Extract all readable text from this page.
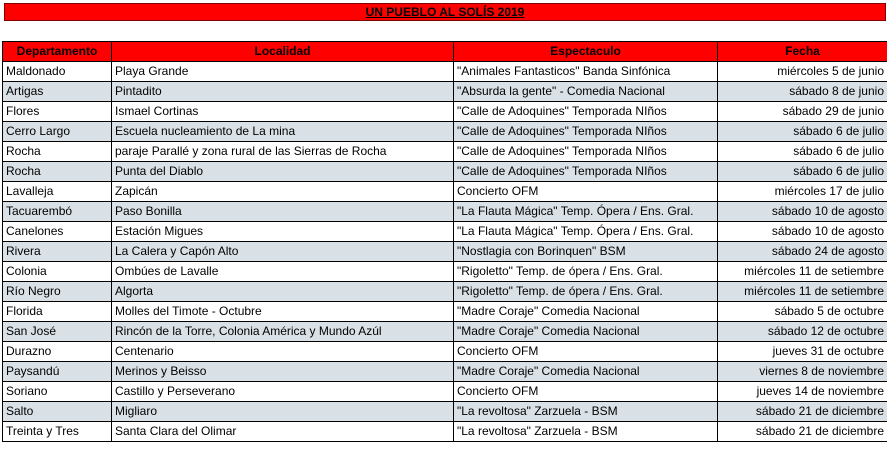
UN PUEBLO AL SOLÍS 2019
Departamento	Localidad	Espectaculo	Fecha
Maldonado	Playa Grande	"Animales Fantasticos" Banda Sinfónica	miércoles 5 de junio
Artigas	Pintadito	"Absurda la gente" - Comedia Nacional	sábado 8 de junio
Flores	Ismael Cortinas	"Calle de Adoquines" Temporada NIños	sábado 29 de junio
Cerro Largo	Escuela nucleamiento de La mina	"Calle de Adoquines" Temporada NIños	sábado 6 de julio
Rocha	paraje Parallé y zona rural de las Sierras de Rocha	"Calle de Adoquines" Temporada NIños	sábado 6 de julio
Rocha	Punta del Diablo	"Calle de Adoquines" Temporada NIños	sábado 6 de julio
Lavalleja	Zapicán	Concierto OFM	miércoles 17 de julio
Tacuarembó	Paso Bonilla	"La Flauta Mágica" Temp. Ópera / Ens. Gral.	sábado 10 de agosto
Canelones	Estación Migues	"La Flauta Mágica" Temp. Ópera / Ens. Gral.	sábado 10 de agosto
Rivera	La Calera y Capón Alto	"Nostlagia con Borinquen" BSM	sábado 24 de agosto
Colonia	Ombúes de Lavalle	"Rigoletto" Temp. de ópera / Ens. Gral.	miércoles 11 de setiembre
Río Negro	Algorta	"Rigoletto" Temp. de ópera / Ens. Gral.	miércoles 11 de setiembre
Florida	Molles del Timote - Octubre	"Madre Coraje" Comedia Nacional	sábado 5 de octubre
San José	Rincón de la Torre, Colonia América y Mundo Azúl	"Madre Coraje" Comedia Nacional	sábado 12 de octubre
Durazno	Centenario	Concierto OFM	jueves 31 de octubre
Paysandú	Merinos y Beisso	"Madre Coraje" Comedia Nacional	viernes 8 de noviembre
Soriano	Castillo y Perseverano	Concierto OFM	jueves 14 de noviembre
Salto	Migliaro	"La revoltosa" Zarzuela - BSM	sábado 21 de diciembre
Treinta y Tres	Santa Clara del Olimar	"La revoltosa" Zarzuela - BSM	sábado 21 de diciembre
